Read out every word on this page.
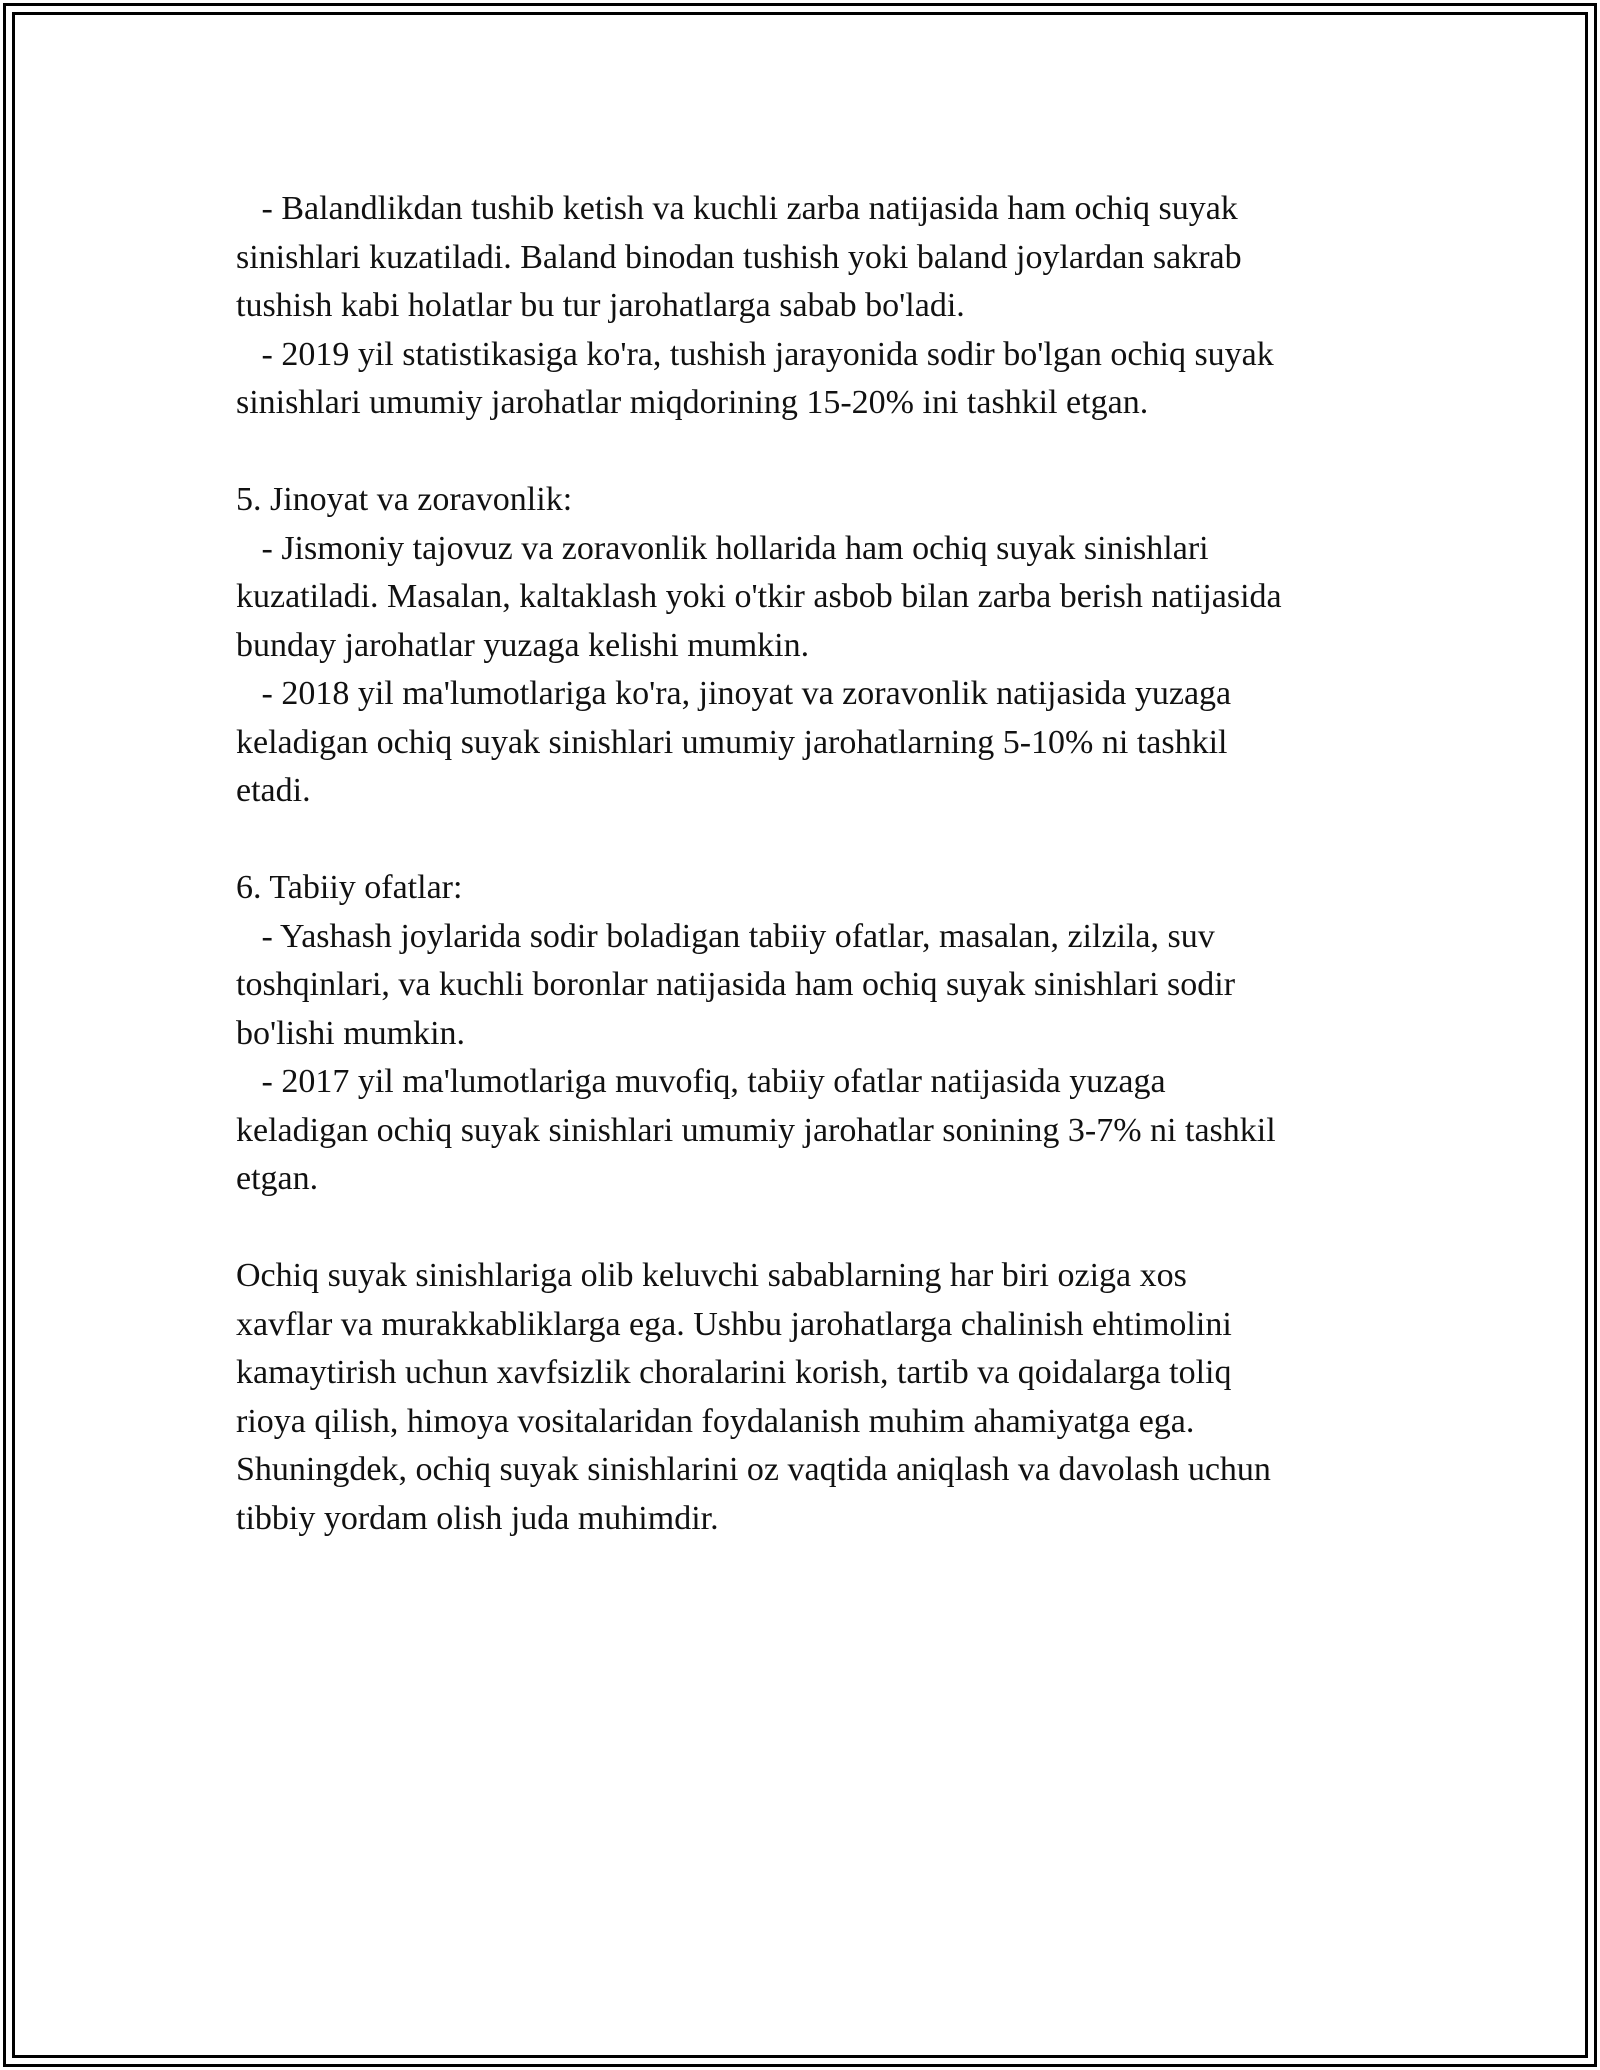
- Balandlikdan tushib ketish va kuchli zarba natijasida ham ochiq suyak
sinishlari kuzatiladi. Baland binodan tushish yoki baland joylardan sakrab
tushish kabi holatlar bu tur jarohatlarga sabab bo'ladi.
- 2019 yil statistikasiga ko'ra, tushish jarayonida sodir bo'lgan ochiq suyak
sinishlari umumiy jarohatlar miqdorining 15-20% ini tashkil etgan.
5. Jinoyat va zoravonlik:
- Jismoniy tajovuz va zoravonlik hollarida ham ochiq suyak sinishlari
kuzatiladi. Masalan, kaltaklash yoki o'tkir asbob bilan zarba berish natijasida
bunday jarohatlar yuzaga kelishi mumkin.
- 2018 yil ma'lumotlariga ko'ra, jinoyat va zoravonlik natijasida yuzaga
keladigan ochiq suyak sinishlari umumiy jarohatlarning 5-10% ni tashkil
etadi.
6. Tabiiy ofatlar:
- Yashash joylarida sodir boladigan tabiiy ofatlar, masalan, zilzila, suv
toshqinlari, va kuchli boronlar natijasida ham ochiq suyak sinishlari sodir
bo'lishi mumkin.
- 2017 yil ma'lumotlariga muvofiq, tabiiy ofatlar natijasida yuzaga
keladigan ochiq suyak sinishlari umumiy jarohatlar sonining 3-7% ni tashkil
etgan.
Ochiq suyak sinishlariga olib keluvchi sabablarning har biri oziga xos
xavflar va murakkabliklarga ega. Ushbu jarohatlarga chalinish ehtimolini
kamaytirish uchun xavfsizlik choralarini korish, tartib va qoidalarga toliq
rioya qilish, himoya vositalaridan foydalanish muhim ahamiyatga ega.
Shuningdek, ochiq suyak sinishlarini oz vaqtida aniqlash va davolash uchun
tibbiy yordam olish juda muhimdir.
